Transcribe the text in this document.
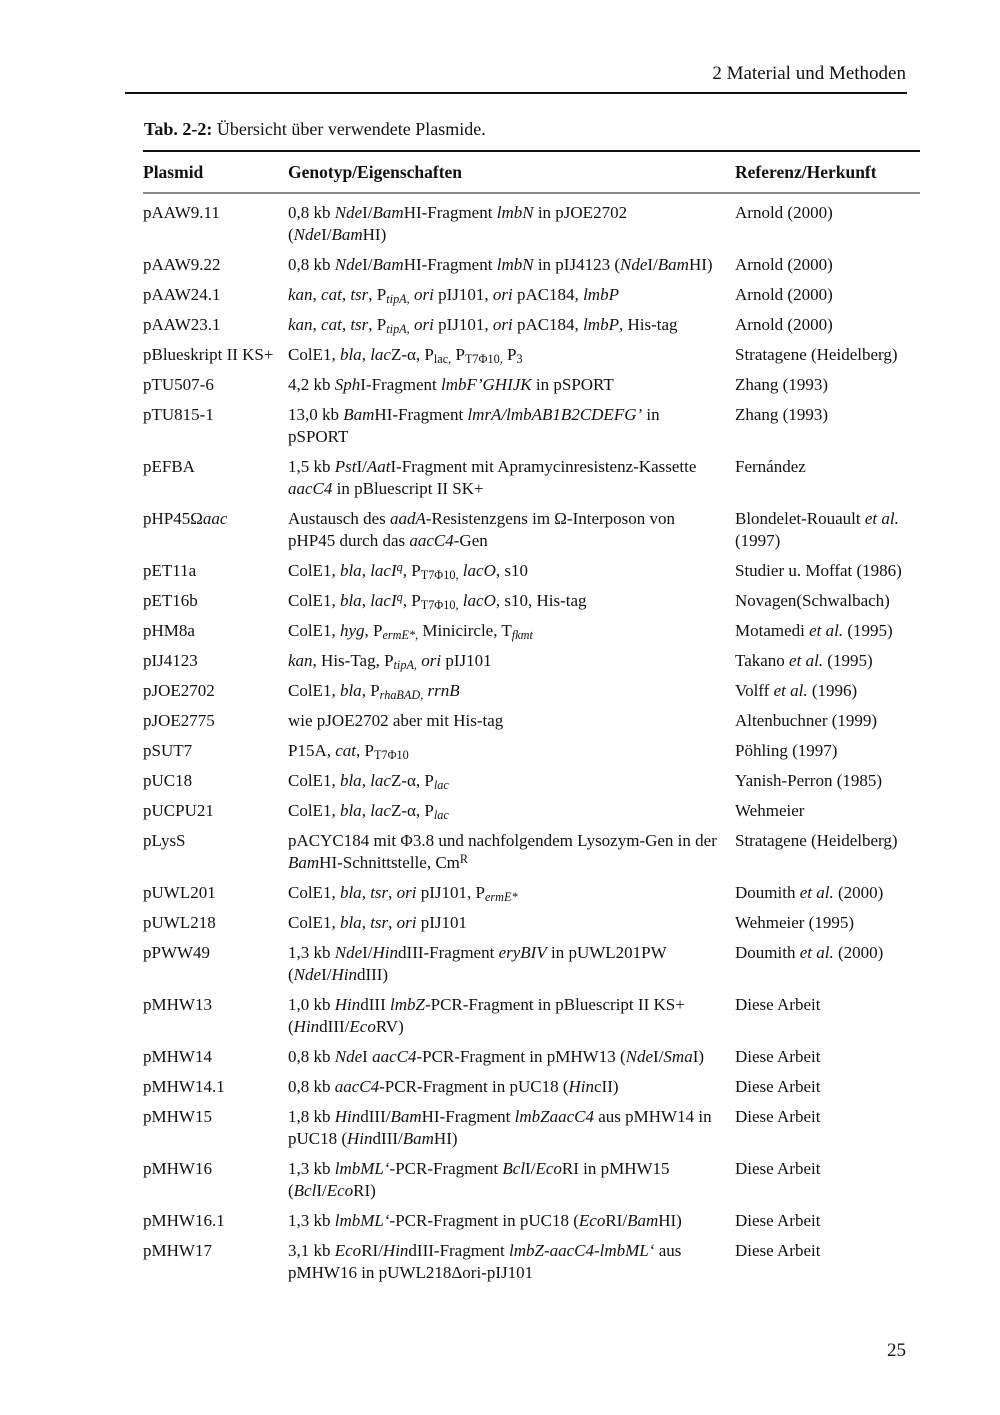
2 Material und Methoden
Tab. 2-2: Übersicht über verwendete Plasmide.
Plasmid	Genotyp/Eigenschaften	Referenz/Herkunft
pAAW9.11	0,8 kb NdeI/BamHI-Fragment lmbN in pJOE2702 (NdeI/BamHI)	Arnold (2000)
pAAW9.22	0,8 kb NdeI/BamHI-Fragment lmbN in pIJ4123 (NdeI/BamHI)	Arnold (2000)
pAAW24.1	kan, cat, tsr, $P_{tipA,}$ ori pIJ101, ori pAC184, lmbP	Arnold (2000)
pAAW23.1	kan, cat, tsr, $P_{tipA,}$ ori pIJ101, ori pAC184, lmbP, His-tag	Arnold (2000)
pBlueskript II KS+	ColE1, bla, lacZ-α, $P_{lac,}$ $P_{T7\Phi 10,}$ $P_3$	Stratagene (Heidelberg)
pTU507-6	4,2 kb SphI-Fragment lmbF’GHIJK in pSPORT	Zhang (1993)
pTU815-1	13,0 kb BamHI-Fragment lmrA/lmbAB1B2CDEFG’ in pSPORT	Zhang (1993)
pEFBA	1,5 kb PstI/AatI-Fragment mit Apramycinresistenz-Kassette aacC4 in pBluescript II SK+	Fernández
pHP45Ωaac	Austausch des aadA-Resistenzgens im Ω-Interposon von pHP45 durch das aacC4-Gen	Blondelet-Rouault et al. (1997)
pET11a	ColE1, bla, lacI$^q$, $P_{T7\Phi 10,}$ lacO, s10	Studier u. Moffat (1986)
pET16b	ColE1, bla, lacI$^q$, $P_{T7\Phi 10,}$ lacO, s10, His-tag	Novagen(Schwalbach)
pHM8a	ColE1, hyg, $P_{ermE*,}$ Minicircle, $T_{fkmt}$	Motamedi et al. (1995)
pIJ4123	kan, His-Tag, $P_{tipA,}$ ori pIJ101	Takano et al. (1995)
pJOE2702	ColE1, bla, $P_{rhaBAD,}$ rrnB	Volff et al. (1996)
pJOE2775	wie pJOE2702 aber mit His-tag	Altenbuchner (1999)
pSUT7	P15A, cat, $P_{T7\Phi 10}$	Pöhling (1997)
pUC18	ColE1, bla, lacZ-α, $P_{lac}$	Yanish-Perron (1985)
pUCPU21	ColE1, bla, lacZ-α, $P_{lac}$	Wehmeier
pLysS	pACYC184 mit Φ3.8 und nachfolgendem Lysozym-Gen in der BamHI-Schnittstelle, $Cm^R$	Stratagene (Heidelberg)
pUWL201	ColE1, bla, tsr, ori pIJ101, $P_{ermE*}$	Doumith et al. (2000)
pUWL218	ColE1, bla, tsr, ori pIJ101	Wehmeier (1995)
pPWW49	1,3 kb NdeI/HindIII-Fragment eryBIV in pUWL201PW (NdeI/HindIII)	Doumith et al. (2000)
pMHW13	1,0 kb HindIII lmbZ-PCR-Fragment in pBluescript II KS+ (HindIII/EcoRV)	Diese Arbeit
pMHW14	0,8 kb NdeI aacC4-PCR-Fragment in pMHW13 (NdeI/SmaI)	Diese Arbeit
pMHW14.1	0,8 kb aacC4-PCR-Fragment in pUC18 (HincII)	Diese Arbeit
pMHW15	1,8 kb HindIII/BamHI-Fragment lmbZaacC4 aus pMHW14 in pUC18 (HindIII/BamHI)	Diese Arbeit
pMHW16	1,3 kb lmbML‘-PCR-Fragment BclI/EcoRI in pMHW15 (BclI/EcoRI)	Diese Arbeit
pMHW16.1	1,3 kb lmbML‘-PCR-Fragment in pUC18 (EcoRI/BamHI)	Diese Arbeit
pMHW17	3,1 kb EcoRI/HindIII-Fragment lmbZ-aacC4-lmbML‘ aus pMHW16 in pUWL218Δori-pIJ101	Diese Arbeit
25
